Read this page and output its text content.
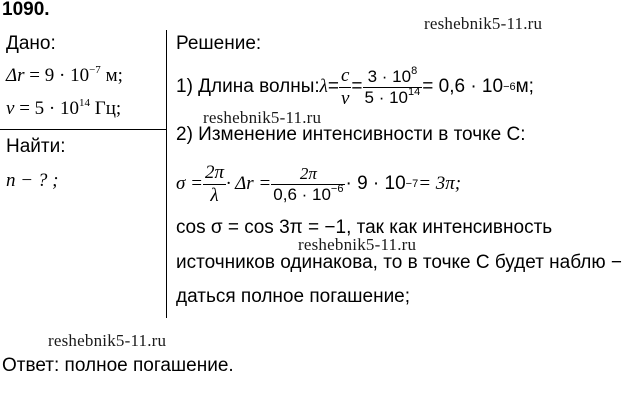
1090.
reshebnik5-11.ru
Дано:
$\Delta r = 9 \cdot 10^{-7}$ м;
$v = 5 \cdot 10^{14}$ Гц;
Найти:
n − ? ;
Решение:
1) Длина волны: $\lambda = \frac{c}{v} = \frac{3 \cdot 10^8}{5 \cdot 10^{14}} = 0,6 \cdot 10 -6$ м;
reshebnik5-11.ru
2) Изменение интенсивности в точке C:
$\sigma = \frac{2\pi}{\lambda} \cdot \Delta r = \frac{2\pi}{0,6 \cdot 10^{-6}} \cdot 9 \cdot 10 -7 = 3\pi$;
cos σ = cos 3π = −1, так как интенсивность
reshebnik5-11.ru
источников одинакова, то в точке C будет наблю −
даться полное погашение;
reshebnik5-11.ru
Ответ: полное погашение.
